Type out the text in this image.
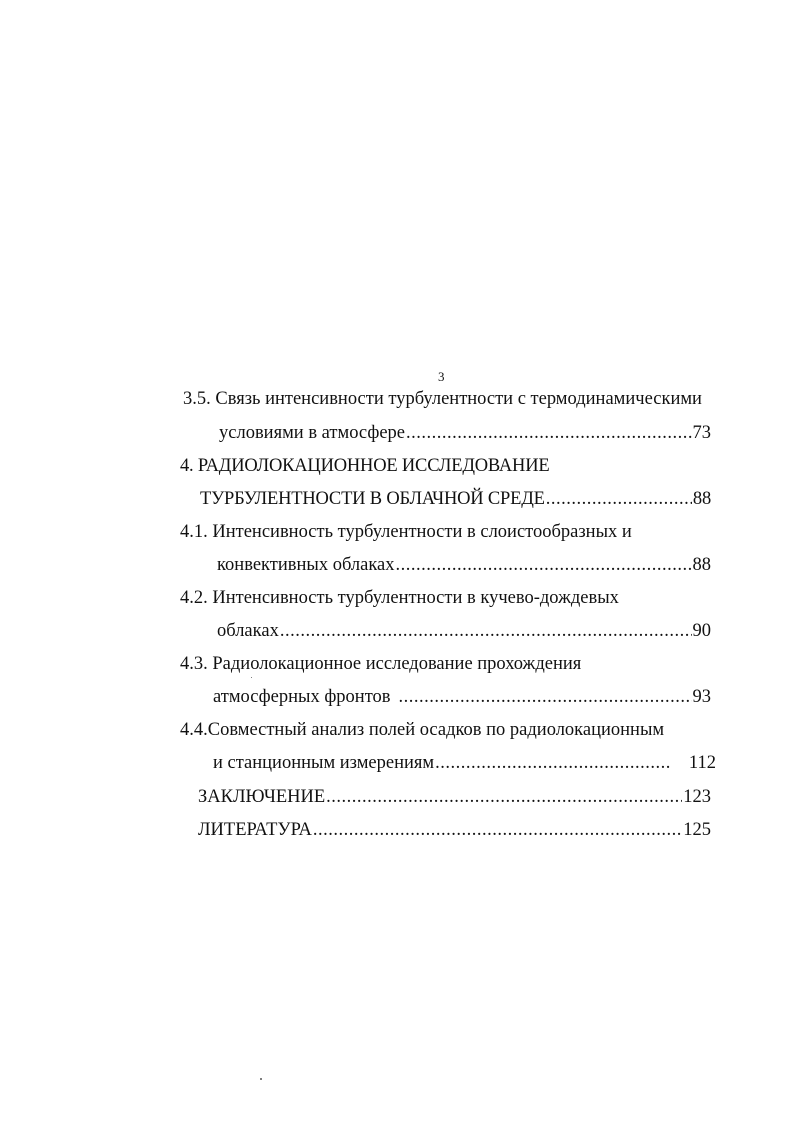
3
3.5. Связь интенсивности турбулентности с термодинамическими
условиями в атмосфере .....	73
4. РАДИОЛОКАЦИОННОЕ ИССЛЕДОВАНИЕ
ТУРБУЛЕНТНОСТИ В ОБЛАЧНОЙ СРЕДЕ .....	88
4.1. Интенсивность турбулентности в слоистообразных и
конвективных облаках .....	88
4.2. Интенсивность турбулентности в кучево-дождевых
облаках .....	90
4.3. Радиолокационное исследование прохождения
атмосферных фронтов .....	93
4.4.Совместный анализ полей осадков по радиолокационным
и станционным измерениям .....	112
ЗАКЛЮЧЕНИЕ .....	123
ЛИТЕРАТУРА .....	125
